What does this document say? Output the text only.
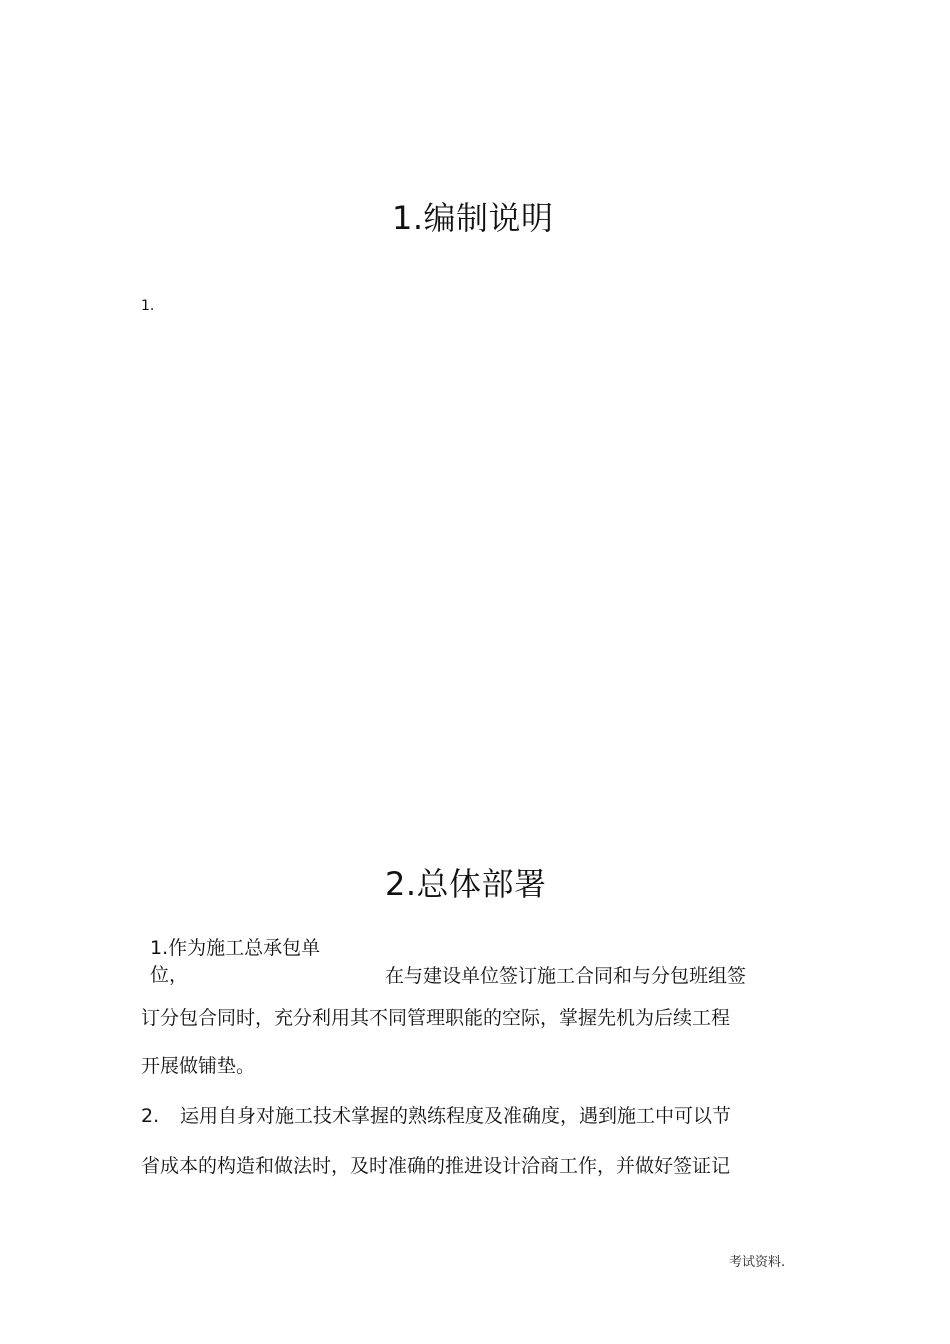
1.编制说明
1.
2.总体部署
1.作为施工总承包单
位，	在与建设单位签订施工合同和与分包班组签
订分包合同时，充分利用其不同管理职能的空际，掌握先机为后续工程
开展做铺垫。
2. 运用自身对施工技术掌握的熟练程度及准确度，遇到施工中可以节
省成本的构造和做法时，及时准确的推进设计洽商工作，并做好签证记
考试资料.
